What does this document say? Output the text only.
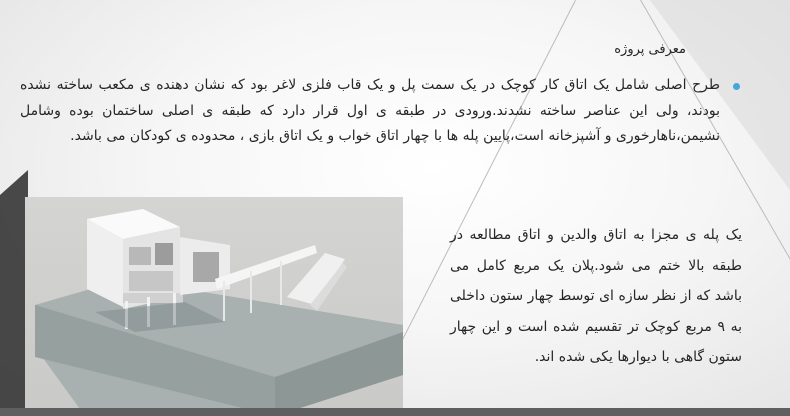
معرفی پروژه
طرح اصلی شامل یک اتاق کار کوچک در یک سمت پل و یک قاب فلزی لاغر بود که نشان دهنده ی مکعب ساخته نشده بودند، ولی این عناصر ساخته نشدند.ورودی در طبقه ی اول قرار دارد که طبقه ی اصلی ساختمان بوده وشامل نشیمن،ناهارخوری و آشپزخانه است،پایین پله ها با چهار اتاق خواب و یک اتاق بازی ، محدوده ی کودکان می باشد.
یک پله ی مجزا به اتاق والدین و اتاق مطالعه در طبقه بالا ختم می شود.پلان یک مربع کامل می باشد که از نظر سازه ای توسط چهار ستون داخلی به ۹ مربع کوچک تر تقسیم شده است و این چهار ستون گاهی با دیوارها یکی شده اند.
